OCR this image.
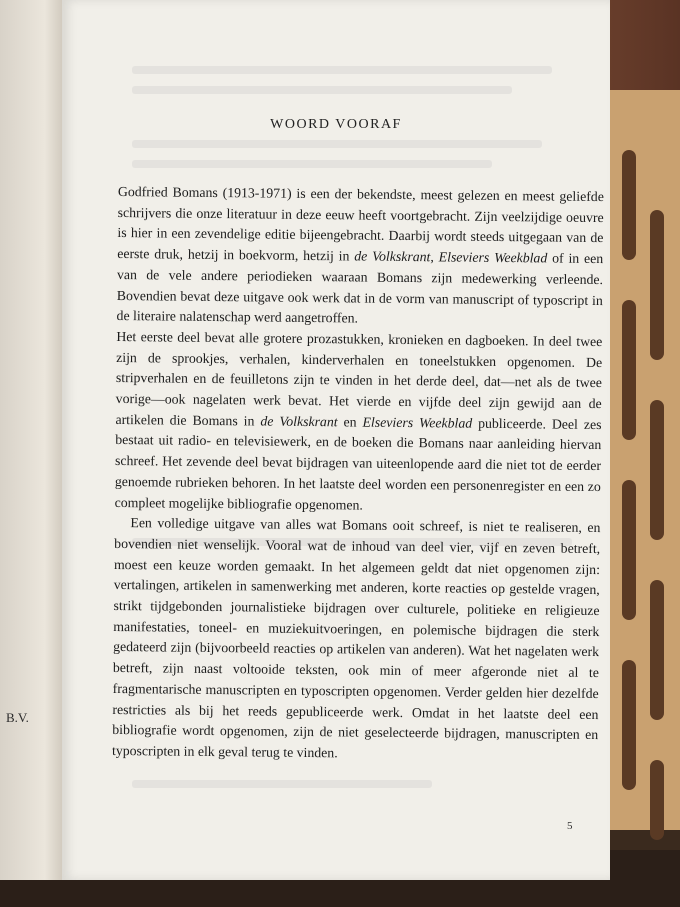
B.V.
WOORD VOORAF

Godfried Bomans (1913-1971) is een der bekendste, meest gelezen en meest geliefde schrijvers die onze literatuur in deze eeuw heeft voortgebracht. Zijn veelzijdige oeuvre is hier in een zevendelige editie bijeengebracht. Daarbij wordt steeds uitgegaan van de eerste druk, hetzij in boekvorm, hetzij in de Volkskrant, Elseviers Weekblad of in een van de vele andere periodieken waaraan Bomans zijn medewerking verleende. Bovendien bevat deze uitgave ook werk dat in de vorm van manuscript of typoscript in de literaire nalatenschap werd aangetroffen.

Het eerste deel bevat alle grotere prozastukken, kronieken en dagboeken. In deel twee zijn de sprookjes, verhalen, kinderverhalen en toneelstukken opgenomen. De stripverhalen en de feuilletons zijn te vinden in het derde deel, dat—net als de twee vorige—ook nagelaten werk bevat. Het vierde en vijfde deel zijn gewijd aan de artikelen die Bomans in de Volkskrant en Elseviers Weekblad publiceerde. Deel zes bestaat uit radio- en televisiewerk, en de boeken die Bomans naar aanleiding hiervan schreef. Het zevende deel bevat bijdragen van uiteenlopende aard die niet tot de eerder genoemde rubrieken behoren. In het laatste deel worden een personenregister en een zo compleet mogelijke bibliografie opgenomen.

Een volledige uitgave van alles wat Bomans ooit schreef, is niet te realiseren, en bovendien niet wenselijk. Vooral wat de inhoud van deel vier, vijf en zeven betreft, moest een keuze worden gemaakt. In het algemeen geldt dat niet opgenomen zijn: vertalingen, artikelen in samenwerking met anderen, korte reacties op gestelde vragen, strikt tijdgebonden journalistieke bijdragen over culturele, politieke en religieuze manifestaties, toneel- en muziekuitvoeringen, en polemische bijdragen die sterk gedateerd zijn (bijvoorbeeld reacties op artikelen van anderen). Wat het nagelaten werk betreft, zijn naast voltooide teksten, ook min of meer afgeronde niet al te fragmentarische manuscripten en typoscripten opgenomen. Verder gelden hier dezelfde restricties als bij het reeds gepubliceerde werk. Omdat in het laatste deel een bibliografie wordt opgenomen, zijn de niet geselecteerde bijdragen, manuscripten en typoscripten in elk geval terug te vinden.

5
